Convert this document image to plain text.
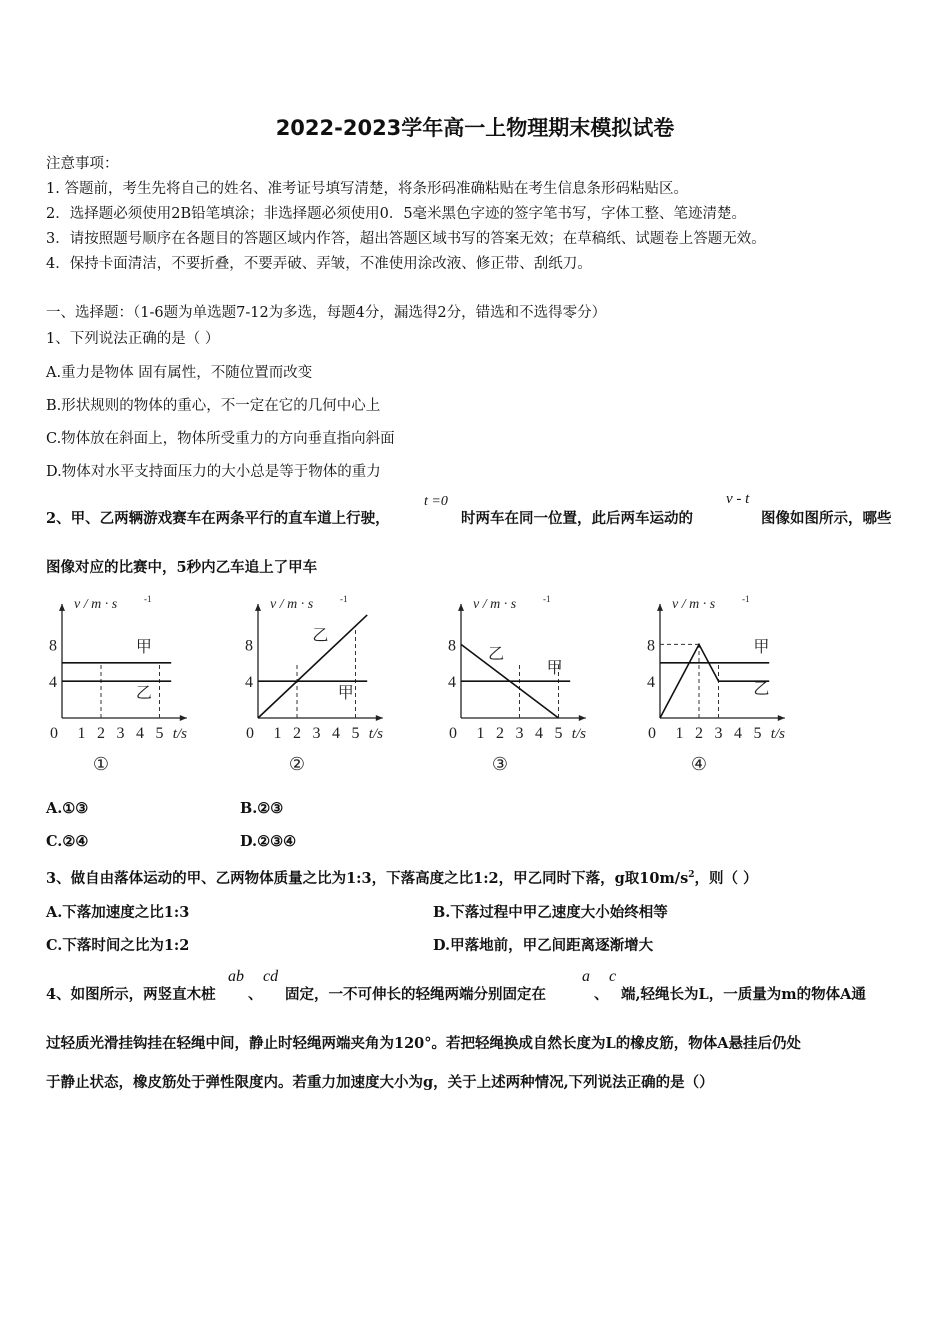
2022-2023学年高一上物理期末模拟试卷
注意事项：
1. 答题前，考生先将自己的姓名、准考证号填写清楚，将条形码准确粘贴在考生信息条形码粘贴区。
2．选择题必须使用2B铅笔填涂；非选择题必须使用0．5毫米黑色字迹的签字笔书写，字体工整、笔迹清楚。
3．请按照题号顺序在各题目的答题区域内作答，超出答题区域书写的答案无效；在草稿纸、试题卷上答题无效。
4．保持卡面清洁，不要折叠，不要弄破、弄皱，不准使用涂改液、修正带、刮纸刀。
一、选择题：（1-6题为单选题7-12为多选，每题4分，漏选得2分，错选和不选得零分）
1、下列说法正确的是（ ）
A.重力是物体 固有属性，不随位置而改变
B.形状规则的物体的重心，不一定在它的几何中心上
C.物体放在斜面上，物体所受重力的方向垂直指向斜面
D.物体对水平支持面压力的大小总是等于物体的重力
2、甲、乙两辆游戏赛车在两条平行的直车道上行驶，
t =0
时两车在同一位置，此后两车运动的
v - t
图像如图所示，哪些
图像对应的比赛中，5秒内乙车追上了甲车
v / m · s	-1
t/s
0 1 2 3 4 5
8
4
甲
乙
①
v / m · s	-1
t/s
0 1 2 3 4 5
8
4
甲
乙
②
v / m · s	-1
t/s
0 1 2 3 4 5
8
4
甲
乙
③
v / m · s	-1
t/s
0 1 2 3 4 5
8
4
甲
乙
④
A.①③	B.②③
C.②④	D.②③④
3、做自由落体运动的甲、乙两物体质量之比为1:3，下落高度之比1:2，甲乙同时下落，g取$10m/s^2$，则（ ）
A.下落加速度之比1:3	B.下落过程中甲乙速度大小始终相等
C.下落时间之比为1:2	D.甲落地前，甲乙间距离逐渐增大
4、如图所示，两竖直木桩
ab
、
cd
固定，一不可伸长的轻绳两端分别固定在
a
、
c
端,轻绳长为L，一质量为m的物体A通
过轻质光滑挂钩挂在轻绳中间，静止时轻绳两端夹角为120°。若把轻绳换成自然长度为L的橡皮筋，物体A悬挂后仍处
于静止状态，橡皮筋处于弹性限度内。若重力加速度大小为g，关于上述两种情况,下列说法正确的是（）
